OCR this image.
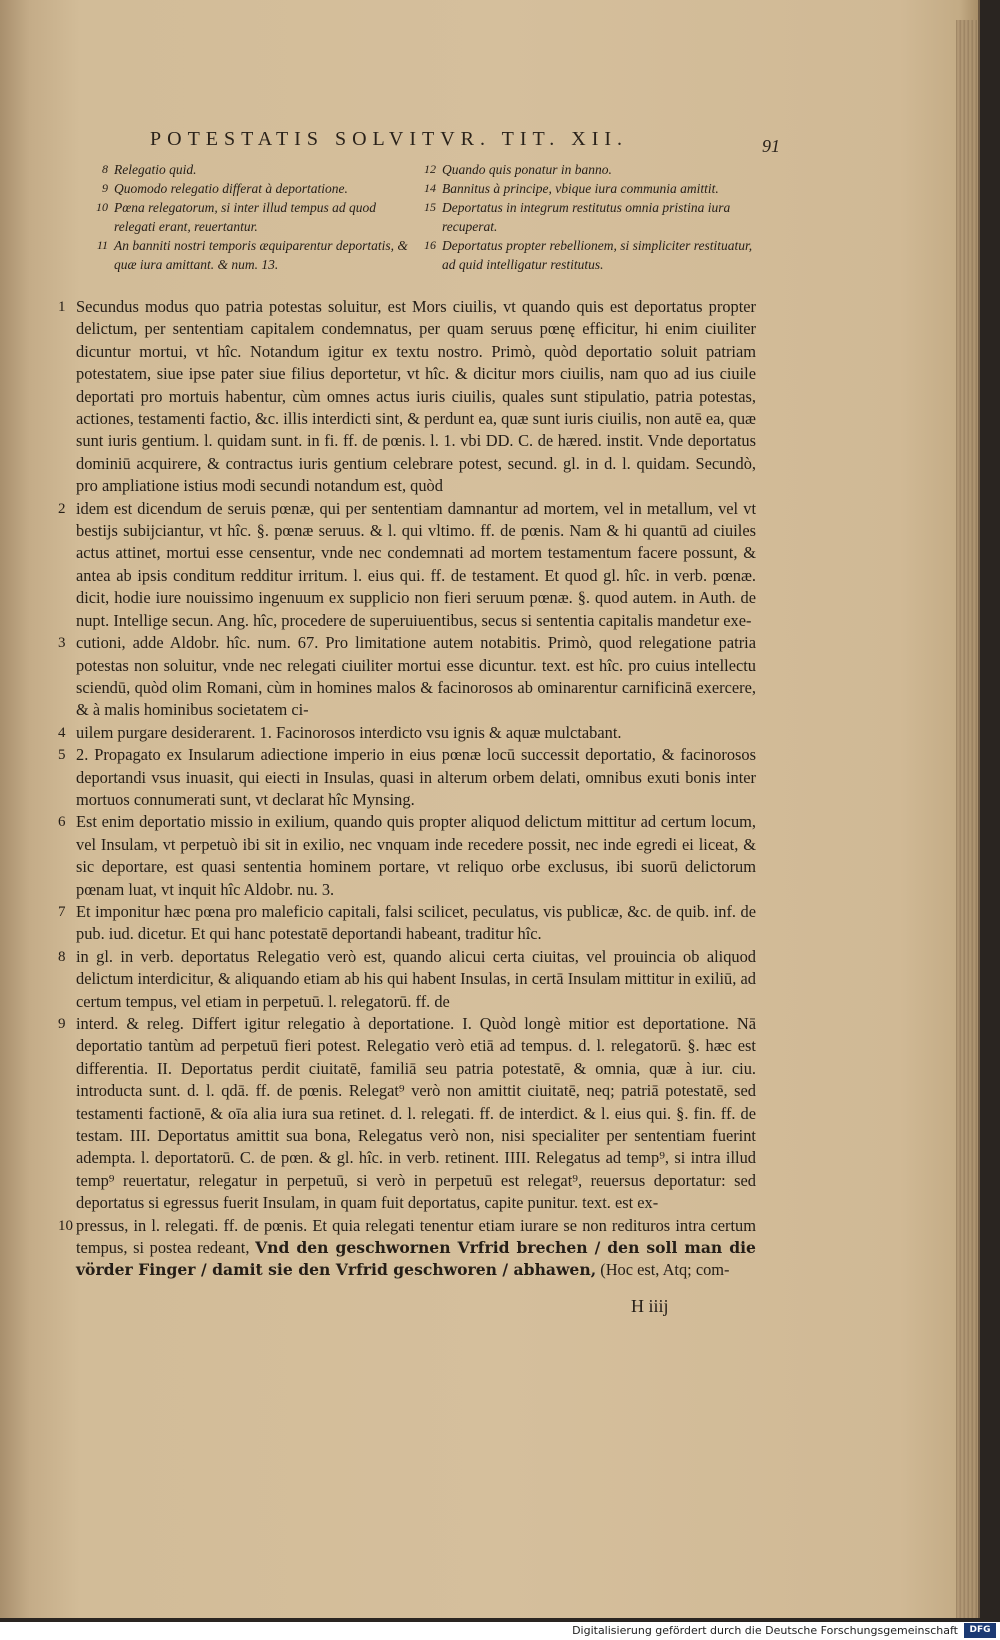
POTESTATIS SOLVITVR. TIT. XII.	91
8 Relegatio quid.
9 Quomodo relegatio differat à deportatione.
10 Pœna relegatorum, si inter illud tempus ad quod relegati erant, reuertantur.
11 An banniti nostri temporis æquiparentur deportatis, & quæ iura amittant. & num. 13.
12 Quando quis ponatur in banno.
14 Bannitus à principe, vbique iura communia amittit.
15 Deportatus in integrum restitutus omnia pristina iura recuperat.
16 Deportatus propter rebellionem, si simpliciter restituatur, ad quid intelligatur restitutus.

1 Secundus modus quo patria potestas soluitur, est Mors ciuilis, vt quando quis est deportatus propter delictum, per sententiam capitalem condemnatus, per quam seruus pœnę efficitur, hi enim ciuiliter dicuntur mortui, vt hîc. Notandum igitur ex textu nostro. Primò, quòd deportatio soluit patriam potestatem, siue ipse pater siue filius deportetur, vt hîc. & dicitur mors ciuilis, nam quo ad ius ciuile deportati pro mortuis habentur, cùm omnes actus iuris ciuilis, quales sunt stipulatio, patria potestas, actiones, testamenti factio, &c. illis interdicti sint, & perdunt ea, quæ sunt iuris ciuilis, non autē ea, quæ sunt iuris gentium. l. quidam sunt. in fi. ff. de pœnis. l. 1. vbi DD. C. de hæred. instit. Vnde deportatus dominiū acquirere, & contractus iuris gentium celebrare potest, secund. gl. in d. l. quidam. Secundò, pro ampliatione istius modi secundi notandum est, quòd

2 idem est dicendum de seruis pœnæ, qui per sententiam damnantur ad mortem, vel in metallum, vel vt bestijs subijciantur, vt hîc. §. pœnæ seruus. & l. qui vltimo. ff. de pœnis. Nam & hi quantū ad ciuiles actus attinet, mortui esse censentur, vnde nec condemnati ad mortem testamentum facere possunt, & antea ab ipsis conditum redditur irritum. l. eius qui. ff. de testament. Et quod gl. hîc. in verb. pœnæ. dicit, hodie iure nouissimo ingenuum ex supplicio non fieri seruum pœnæ. §. quod autem. in Auth. de nupt. Intellige secun. Ang. hîc, procedere de superuiuentibus, secus si sententia capitalis mandetur exe-

3 cutioni, adde Aldobr. hîc. num. 67. Pro limitatione autem notabitis. Primò, quod relegatione patria potestas non soluitur, vnde nec relegati ciuiliter mortui esse dicuntur. text. est hîc. pro cuius intellectu sciendū, quòd olim Romani, cùm in homines malos & facinorosos ab ominarentur carnificinā exercere, & à malis hominibus societatem ci-

4 uilem purgare desiderarent. 1. Facinorosos interdicto vsu ignis & aquæ mulctabant.

5 2. Propagato ex Insularum adiectione imperio in eius pœnæ locū successit deportatio, & facinorosos deportandi vsus inuasit, qui eiecti in Insulas, quasi in alterum orbem delati, omnibus exuti bonis inter mortuos connumerati sunt, vt declarat hîc Mynsing.

6 Est enim deportatio missio in exilium, quando quis propter aliquod delictum mittitur ad certum locum, vel Insulam, vt perpetuò ibi sit in exilio, nec vnquam inde recedere possit, nec inde egredi ei liceat, & sic deportare, est quasi sententia hominem portare, vt reliquo orbe exclusus, ibi suorū delictorum pœnam luat, vt inquit hîc Aldobr. nu. 3.

7 Et imponitur hæc pœna pro maleficio capitali, falsi scilicet, peculatus, vis publicæ, &c. de quib. inf. de pub. iud. dicetur. Et qui hanc potestatē deportandi habeant, traditur hîc.

8 in gl. in verb. deportatus Relegatio verò est, quando alicui certa ciuitas, vel prouincia ob aliquod delictum interdicitur, & aliquando etiam ab his qui habent Insulas, in certā Insulam mittitur in exiliū, ad certum tempus, vel etiam in perpetuū. l. relegatorū. ff. de

9 interd. & releg. Differt igitur relegatio à deportatione. I. Quòd longè mitior est deportatione. Nā deportatio tantùm ad perpetuū fieri potest. Relegatio verò etiā ad tempus. d. l. relegatorū. §. hæc est differentia. II. Deportatus perdit ciuitatē, familiā seu patria potestatē, & omnia, quæ à iur. ciu. introducta sunt. d. l. qdā. ff. de pœnis. Relegat⁹ verò non amittit ciuitatē, neq; patriā potestatē, sed testamenti factionē, & oīa alia iura sua retinet. d. l. relegati. ff. de interdict. & l. eius qui. §. fin. ff. de testam. III. Deportatus amittit sua bona, Relegatus verò non, nisi specialiter per sententiam fuerint adempta. l. deportatorū. C. de pœn. & gl. hîc. in verb. retinent. IIII. Relegatus ad temp⁹, si intra illud temp⁹ reuertatur, relegatur in perpetuū, si verò in perpetuū est relegat⁹, reuersus deportatur: sed deportatus si egressus fuerit Insulam, in quam fuit deportatus, capite punitur. text. est ex-

10 pressus, in l. relegati. ff. de pœnis. Et quia relegati tenentur etiam iurare se non redituros intra certum tempus, si postea redeant, Vnd den geschwornen Vrfrid brechen / den soll man die vörder Finger / damit sie den Vrfrid geschworen / abhawen, (Hoc est, Atq; com-

H iiij
Digitalisierung gefördert durch die Deutsche Forschungsgemeinschaft	DFG
